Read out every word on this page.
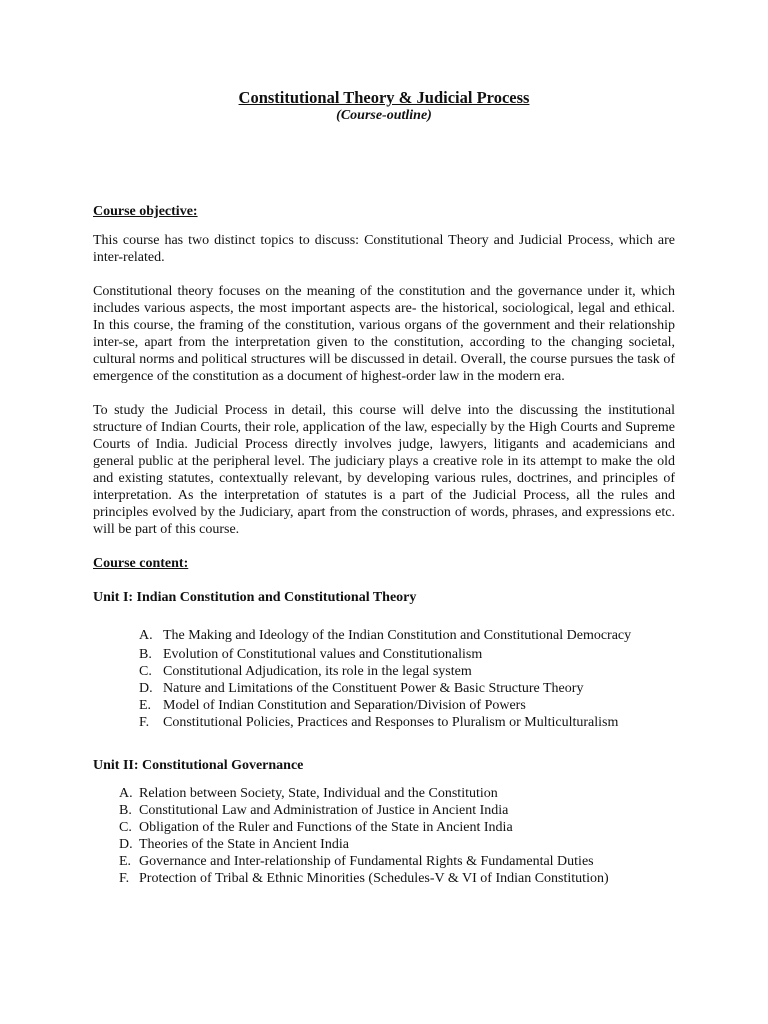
Constitutional Theory & Judicial Process
(Course-outline)
Course objective:

This course has two distinct topics to discuss: Constitutional Theory and Judicial Process, which are inter-related.

Constitutional theory focuses on the meaning of the constitution and the governance under it, which includes various aspects, the most important aspects are- the historical, sociological, legal and ethical. In this course, the framing of the constitution, various organs of the government and their relationship inter-se, apart from the interpretation given to the constitution, according to the changing societal, cultural norms and political structures will be discussed in detail. Overall, the course pursues the task of emergence of the constitution as a document of highest-order law in the modern era.

To study the Judicial Process in detail, this course will delve into the discussing the institutional structure of Indian Courts, their role, application of the law, especially by the High Courts and Supreme Courts of India. Judicial Process directly involves judge, lawyers, litigants and academicians and general public at the peripheral level. The judiciary plays a creative role in its attempt to make the old and existing statutes, contextually relevant, by developing various rules, doctrines, and principles of interpretation. As the interpretation of statutes is a part of the Judicial Process, all the rules and principles evolved by the Judiciary, apart from the construction of words, phrases, and expressions etc. will be part of this course.

Course content:
Unit I: Indian Constitution and Constitutional Theory
A. The Making and Ideology of the Indian Constitution and Constitutional Democracy
B. Evolution of Constitutional values and Constitutionalism
C. Constitutional Adjudication, its role in the legal system
D. Nature and Limitations of the Constituent Power & Basic Structure Theory
E. Model of Indian Constitution and Separation/Division of Powers
F. Constitutional Policies, Practices and Responses to Pluralism or Multiculturalism
Unit II: Constitutional Governance
A. Relation between Society, State, Individual and the Constitution
B. Constitutional Law and Administration of Justice in Ancient India
C. Obligation of the Ruler and Functions of the State in Ancient India
D. Theories of the State in Ancient India
E. Governance and Inter-relationship of Fundamental Rights & Fundamental Duties
F. Protection of Tribal & Ethnic Minorities (Schedules-V & VI of Indian Constitution)
